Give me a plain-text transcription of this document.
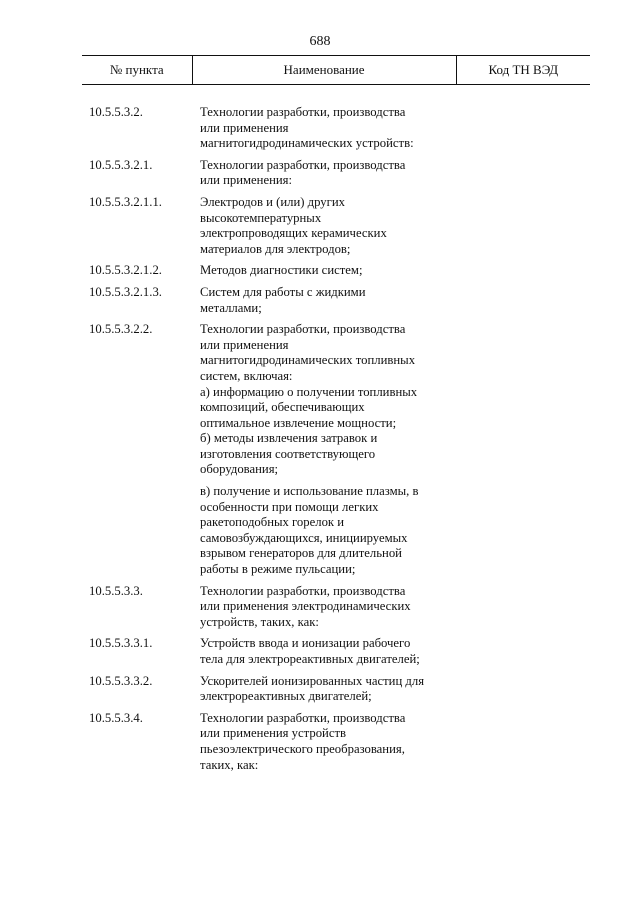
688
№ пункта	Наименование	Код ТН ВЭД
10.5.5.3.2.	Технологии разработки, производства
или применения
магнитогидродинамических устройств:
10.5.5.3.2.1.	Технологии разработки, производства
или применения:
10.5.5.3.2.1.1.	Электродов и (или) других
высокотемпературных
электропроводящих керамических
материалов для электродов;
10.5.5.3.2.1.2.	Методов диагностики систем;
10.5.5.3.2.1.3.	Систем для работы с жидкими
металлами;
10.5.5.3.2.2.	Технологии разработки, производства
или применения
магнитогидродинамических топливных
систем, включая:
а) информацию о получении топливных
композиций, обеспечивающих
оптимальное извлечение мощности;
б) методы извлечения затравок и
изготовления соответствующего
оборудования;
в) получение и использование плазмы, в
особенности при помощи легких
ракетоподобных горелок и
самовозбуждающихся, инициируемых
взрывом генераторов для длительной
работы в режиме пульсации;
10.5.5.3.3.	Технологии разработки, производства
или применения электродинамических
устройств, таких, как:
10.5.5.3.3.1.	Устройств ввода и ионизации рабочего
тела для электрореактивных двигателей;
10.5.5.3.3.2.	Ускорителей ионизированных частиц для
электрореактивных двигателей;
10.5.5.3.4.	Технологии разработки, производства
или применения устройств
пьезоэлектрического преобразования,
таких, как:
